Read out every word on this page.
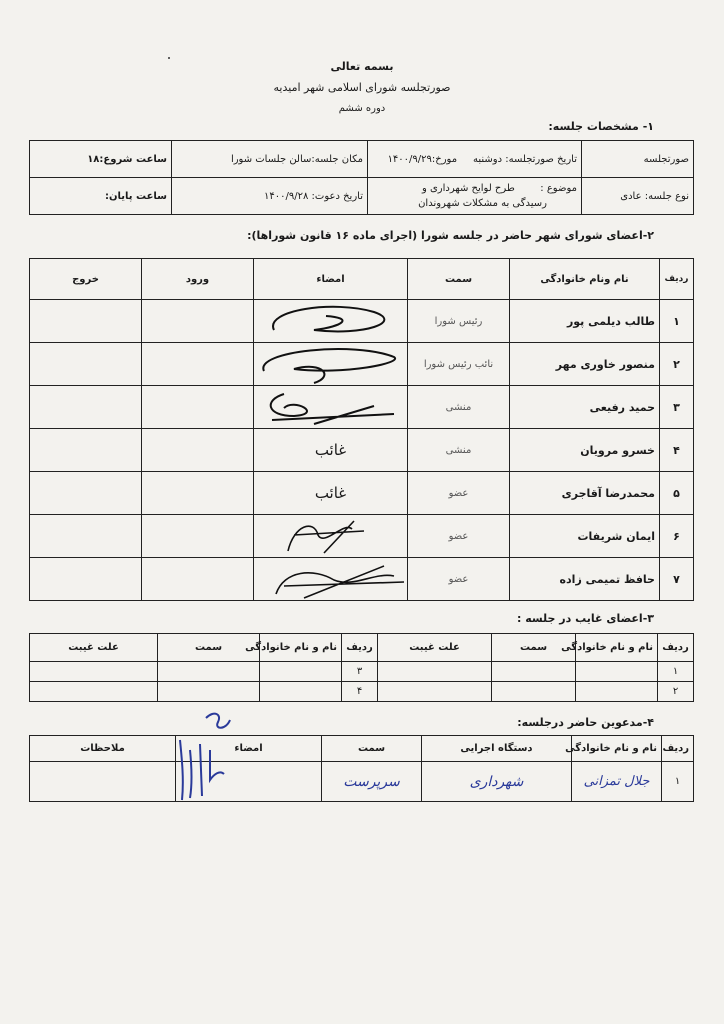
بسمه تعالی
صورتجلسه شورای اسلامی شهر امیدیه
دوره ششم
۱- مشخصات جلسه:
صورتجلسه	تاریخ صورتجلسه: دوشنبه     مورخ:۱۴۰۰/۹/۲۹	مکان جلسه:سالن جلسات شورا	ساعت شروع:۱۸
نوع جلسه: عادی	موضوع :        طرح لوایح شهرداری و
رسیدگی به مشکلات شهروندان	تاریخ دعوت: ۱۴۰۰/۹/۲۸	ساعت پایان:
۲-اعضای شورای شهر حاضر در جلسه شورا (اجرای ماده ۱۶ قانون شوراها):
ردیف	نام ونام خانوادگی	سمت	امضاء	ورود	خروج
۱	طالب دیلمی پور	رئیس شورا	

۲	منصور خاوری مهر	نائب رئیس شورا	

۳	حمید رفیعی	منشی	

۴	خسرو مرویان	منشی	غائب		
۵	محمدرضا آقاجری	عضو	غائب		
۶	ایمان شریفات	عضو	

۷	حافظ تمیمی زاده	عضو	

۳-اعضای غایب در جلسه :
ردیف	نام و نام خانوادگی	سمت	علت غیبت	ردیف	نام و نام خانوادگی	سمت	علت غیبت
۱				۳			
۲				۴			
۴-مدعوین حاضر درجلسه:
ردیف	نام و نام خانوادگی	دستگاه اجرایی	سمت	امضاء	ملاحظات
۱	جلال تمزانی	شهرداری	سرپرست		
